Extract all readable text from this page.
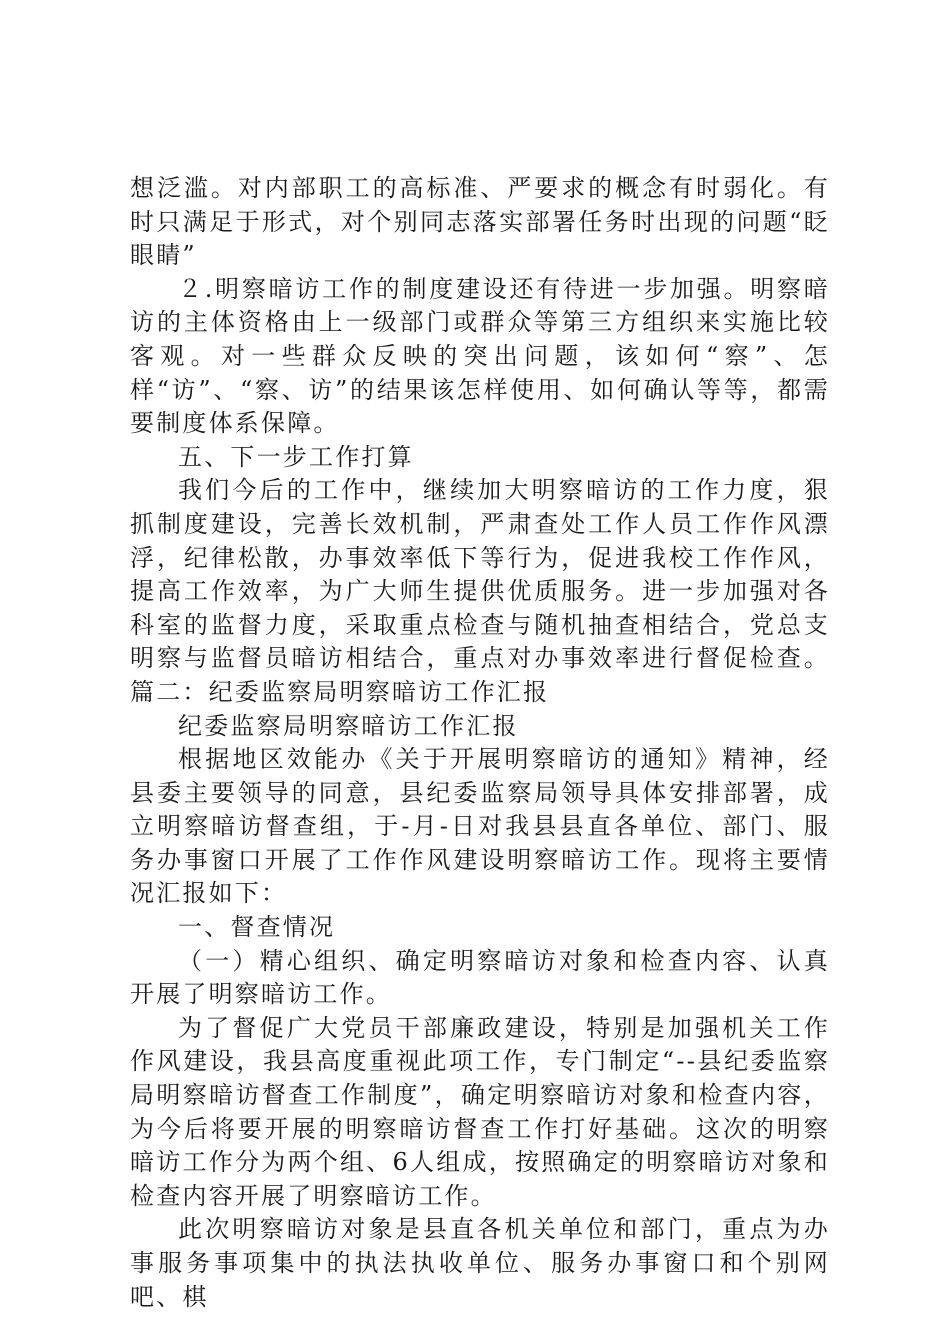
想泛滥。对内部职工的高标准、严要求的概念有时弱化。有时只满足于形式，对个别同志落实部署任务时出现的问题“眨眼睛”

２.明察暗访工作的制度建设还有待进一步加强。明察暗访的主体资格由上一级部门或群众等第三方组织来实施比较客观。对一些群众反映的突出问题，该如何“察”、怎样“访”、“察、访”的结果该怎样使用、如何确认等等，都需要制度体系保障。

五、下一步工作打算

我们今后的工作中，继续加大明察暗访的工作力度，狠抓制度建设，完善长效机制，严肃查处工作人员工作作风漂浮，纪律松散，办事效率低下等行为，促进我校工作作风，提高工作效率，为广大师生提供优质服务。进一步加强对各科室的监督力度，采取重点检查与随机抽查相结合，党总支明察与监督员暗访相结合，重点对办事效率进行督促检查。篇二：纪委监察局明察暗访工作汇报

纪委监察局明察暗访工作汇报

根据地区效能办《关于开展明察暗访的通知》精神，经县委主要领导的同意，县纪委监察局领导具体安排部署，成立明察暗访督查组，于-月-日对我县县直各单位、部门、服务办事窗口开展了工作作风建设明察暗访工作。现将主要情况汇报如下：

一、督查情况

（一）精心组织、确定明察暗访对象和检查内容、认真开展了明察暗访工作。

为了督促广大党员干部廉政建设，特别是加强机关工作作风建设，我县高度重视此项工作，专门制定“--县纪委监察局明察暗访督查工作制度”，确定明察暗访对象和检查内容，为今后将要开展的明察暗访督查工作打好基础。这次的明察暗访工作分为两个组、6人组成，按照确定的明察暗访对象和检查内容开展了明察暗访工作。

此次明察暗访对象是县直各机关单位和部门，重点为办事服务事项集中的执法执收单位、服务办事窗口和个别网吧、棋
